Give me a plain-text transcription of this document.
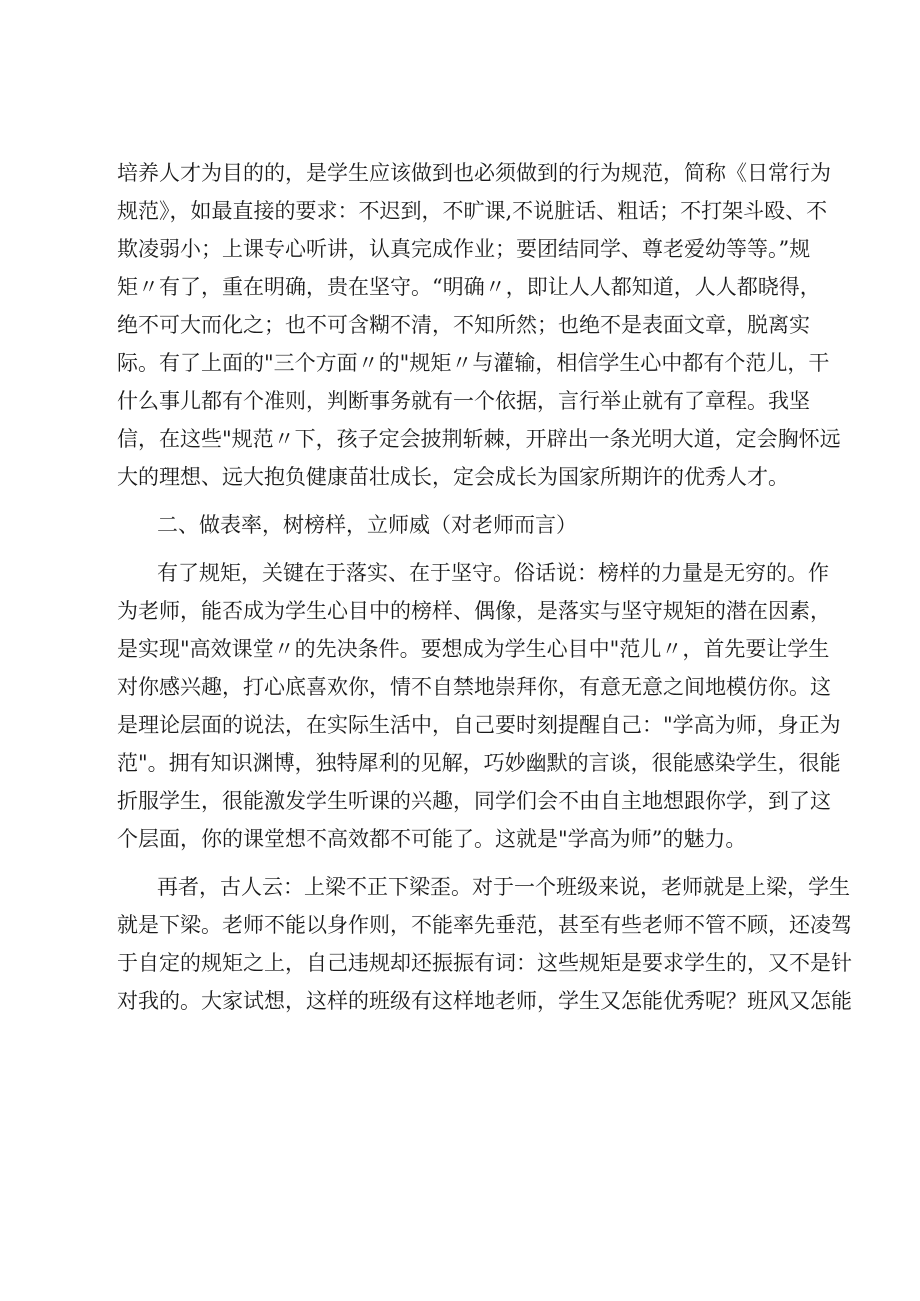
培养人才为目的的，是学生应该做到也必须做到的行为规范，简称《日常行为
规范》，如最直接的要求：不迟到，不旷课,不说脏话、粗话；不打架斗殴、不
欺凌弱小；上课专心听讲，认真完成作业；要团结同学、尊老爱幼等等。”规
矩〃有了，重在明确，贵在坚守。“明确〃，即让人人都知道，人人都晓得，
绝不可大而化之；也不可含糊不清，不知所然；也绝不是表面文章，脱离实
际。有了上面的"三个方面〃的"规矩〃与灌输，相信学生心中都有个范儿，干
什么事儿都有个准则，判断事务就有一个依据，言行举止就有了章程。我坚
信，在这些"规范〃下，孩子定会披荆斩棘，开辟出一条光明大道，定会胸怀远
大的理想、远大抱负健康苗壮成长，定会成长为国家所期许的优秀人才。
二、做表率，树榜样，立师威（对老师而言）
有了规矩，关键在于落实、在于坚守。俗话说：榜样的力量是无穷的。作
为老师，能否成为学生心目中的榜样、偶像，是落实与坚守规矩的潜在因素，
是实现"高效课堂〃的先决条件。要想成为学生心目中"范儿〃，首先要让学生
对你感兴趣，打心底喜欢你，情不自禁地崇拜你，有意无意之间地模仿你。这
是理论层面的说法，在实际生活中，自己要时刻提醒自己："学高为师，身正为
范"。拥有知识渊博，独特犀利的见解，巧妙幽默的言谈，很能感染学生，很能
折服学生，很能激发学生听课的兴趣，同学们会不由自主地想跟你学，到了这
个层面，你的课堂想不高效都不可能了。这就是"学高为师”的魅力。
再者，古人云：上梁不正下梁歪。对于一个班级来说，老师就是上梁，学生
就是下梁。老师不能以身作则，不能率先垂范，甚至有些老师不管不顾，还凌驾
于自定的规矩之上，自己违规却还振振有词：这些规矩是要求学生的，又不是针
对我的。大家试想，这样的班级有这样地老师，学生又怎能优秀呢？班风又怎能
